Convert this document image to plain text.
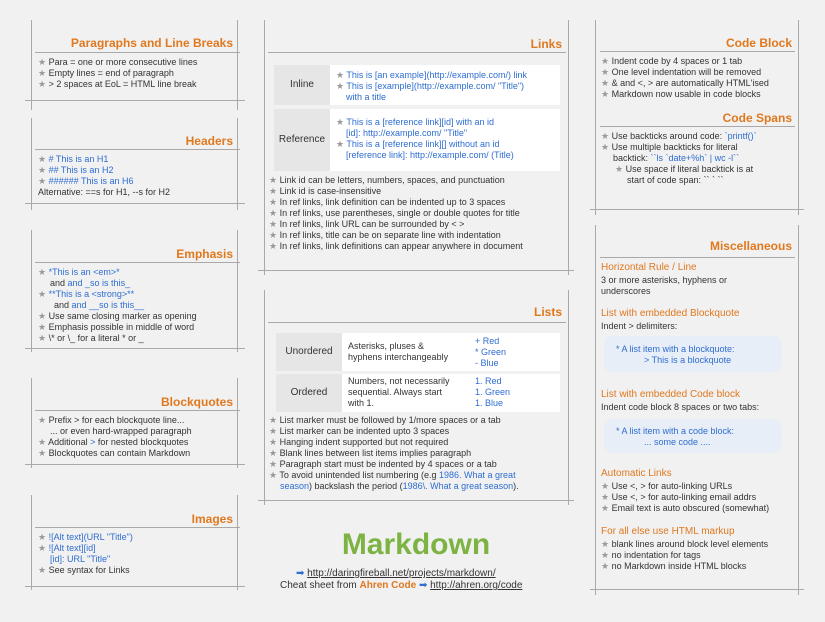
Paragraphs and Line Breaks
★ Para = one or more consecutive lines
★ Empty lines = end of paragraph
★ > 2 spaces at EoL = HTML line break
Headers
★ # This is an H1
★ ## This is an H2
★ ###### This is an H6
Alternative: ==s for H1, --s for H2
Emphasis
★ *This is an <em>*
and and _so is this_
★ **This is a <strong>**
and and __so is this__
★ Use same closing marker as opening
★ Emphasis possible in middle of word
★ \* or \_ for a literal * or _
Blockquotes
★ Prefix > for each blockquote line...
... or even hard-wrapped paragraph
★ Additional > for nested blockquotes
★ Blockquotes can contain Markdown
Images
★ ![Alt text](URL "Title")
★ ![Alt text][id]
[id]: URL "Title"
★ See syntax for Links
Links
Inline
★ This is [an example](http://example.com/) link
★ This is [example](http://example.com/ "Title")
with a title
Reference
★ This is a [reference link][id] with an id
[id]: http://example.com/ "Title"
★ This is a [reference link][] without an id
[reference link]: http://example.com/ (Title)
★ Link id can be letters, numbers, spaces, and punctuation
★ Link id is case-insensitive
★ In ref links, link definition can be indented up to 3 spaces
★ In ref links, use parentheses, single or double quotes for title
★ In ref links, link URL can be surrounded by < >
★ In ref links, title can be on separate line with indentation
★ In ref links, link definitions can appear anywhere in document
Lists
Unordered	Asterisks, pluses &
hyphens interchangeably
+ Red
* Green
- Blue
Ordered
Numbers, not necessarily
sequential. Always start
with 1.
1. Red
1. Green
1. Blue
★ List marker must be followed by 1/more spaces or a tab
★ List marker can be indented upto 3 spaces
★ Hanging indent supported but not required
★ Blank lines between list items implies paragraph
★ Paragraph start must be indented by 4 spaces or a tab
★ To avoid unintended list numbering (e.g 1986. What a great
season) backslash the period (1986\. What a great season).
Markdown
➡ http://daringfireball.net/projects/markdown/
Cheat sheet from Ahren Code ➡ http://ahren.org/code
Code Block
★ Indent code by 4 spaces or 1 tab
★ One level indentation will be removed
★ & and <, > are automatically HTML'ised
★ Markdown now usable in code blocks
Code Spans
★ Use backticks around code: `printf()`
★ Use multiple backticks for literal
backtick: ``ls `date+%h` | wc -l``
★ Use space if literal backtick is at
start of code span: `` ` ``
Miscellaneous
Horizontal Rule / Line
3 or more asterisks, hyphens or
underscores
List with embedded Blockquote
Indent > delimiters:
* A list item with a blockquote:
> This is a blockquote
List with embedded Code block
Indent code block 8 spaces or two tabs:
* A list item with a code block:
... some code ....
Automatic Links
★ Use <, > for auto-linking URLs
★ Use <, > for auto-linking email addrs
★ Email text is auto obscured (somewhat)
For all else use HTML markup
★ blank lines around block level elements
★ no indentation for tags
★ no Markdown inside HTML blocks
